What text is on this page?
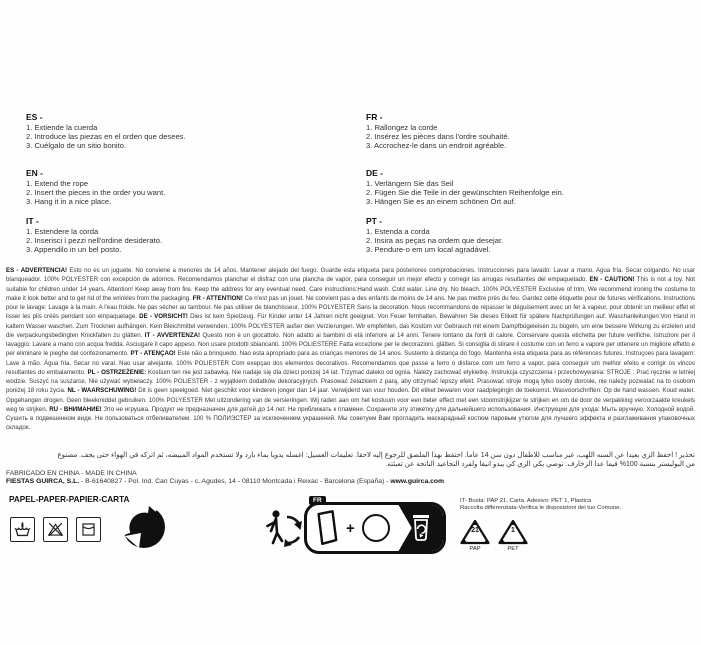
ES -
1. Extiende la cuerda
2. Introduce las piezas en el orden que desees.
3. Cuélgalo de un sitio bonito.
FR -
1. Rallongez la corde
2. Insérez les pièces dans l'ordre souhaité.
3. Accrochez-le dans un endroit agréable.
EN -
1. Extend the rope
2. Insert the pieces in the order you want.
3. Hang it in a nice place.
DE -
1. Verlängern Sie das Seil
2. Fügen Sie die Teile in der gewünschten Reihenfolge ein.
3. Hängen Sie es an einem schönen Ort auf.
IT -
1. Estendere la corda
2. Inserisci i pezzi nell'ordine desiderato.
3. Appendilo in un bel posto.
PT -
1. Estenda a corda
2. Insira as peças na ordem que desejar.
3. Pendure-o em um local agradável.
ES - ADVERTENCIA! Esto no es un juguete. No conviene a menores de 14 años. Mantener alejado del fuego. Guarde esta etiqueta para posteriores comprobaciones. Instrucciones para lavado: Lavar a mano. Agua fría. Secar colgando. No usar blanqueador. 100% POLYESTER con excepción de adornos. Recomendamos planchar el disfraz con una plancha de vapor, para conseguir un mejor efecto y corregir las arrugas resultantes del empaquetado. EN - CAUTION! This is not a toy. Not suitable for children under 14 years. Attention! Keep away from fire. Keep the address for any eventual need. Care instructions:Hand wash. Cold water. Line dry. No bleach. 100% POLYESTER Exclusive of trim. We recommend ironing the costume to make it look better and to get rid of the wrinkles from the packaging. FR - ATTENTION! Ce n'est pas un jouet. Ne convient pas a des enfants de moins de 14 ans. Ne pas mettre près du feu. Gardez cette étiquette pour de futures vérifications. Instructions pour le lavage: Lavage à la main. A l'eau froide. Ne pas sécher au tambour. Ne pas utiliser de blanchisseur. 100% POLYESTER Sans la decoration. Nous recommandons de repasser le déguisement avec un fer à vapeur, pour obtenir un meilleur effet et lisser les plis créés pendant son empaquetage. DE - VORSICHT! Dies ist kein Spielzeug. Für Kinder unter 14 Jahren nicht geeignet. Von Feuer fernhalten. Bewahren Sie dieses Etikett für spätere Nachprüfungen auf. Waschanleitungen:Von Hand in kaltem Wasser waschen. Zum Trocknen aufhängen. Kein Bleichmittel verwenden. 100% POLYESTER außer den Verzierungen. Wir empfehlen, das Kostüm vor Gebrauch mit einem Dampfbügeleisen zu bügeln, um eine bessere Wirkung zu erzielen und die verpackungsbedingten Knickfalten zu glätten. IT - AVVERTENZA! Questo non è un giocattolo. Non adatto ai bambini di età inferiore ai 14 anni. Tenere lontano da fonti di calore. Conservare questa etichetta per future verifiche. Istruzioni per il lavaggio: Lavare a mano con acqua fredda. Asciugare il capo appeso. Non usare prodotti sbiancanti. 100% POLIESTERE Fatta eccezione per le decorazioni. glätten. Si consiglia di stirare il costume con un ferro a vapore per ottenere un migliore effetto e per eliminare le pieghe del confezionamento. PT - ATENÇAO! Este não a brinquedo. Nao esta apropriado para as crianças menores de 14 anos. Sustento à distança do fogo. Mantenha esta etiqueta para as références futures. Instruçoes para lavagem: Lave à mão. Água fria. Secar no varal. Nao usar alvejante. 100% POLIESTER Com exepçao dos elementos decorativos. Recomendamos que passe a ferro o disfarce com um ferro a vapor, para conseguir um melhor efeito e corrigir os vincos resultantes do embalamento. PL - OSTRZEŻENIE: Kostium ten nie jest zabawką. Nie nadaje się dla dzieci poniżej 14 lat. Trzymać daleko od ognia. Należy zachować etykietkę. Instrukcja czyszczenia i przechowywania: STROJE : Prać ręcznie w letniej wodzie. Suszyć na suszarce, Nie używać wybielaczy. 100% POLIESTER - z wyjątkiem dodatków dekoracyjnych. Prasować żelazkiem z parą, aby otrzymać lepszy efekt. Prasować stroje mogą tylko osoby dorosłe, nie należy pozwalać na to osobom poniżej 18 roku życia. NL - WAARSCHUWING! Dit is geen speelgoed. Niet geschikt voor kinderen jonger dan 14 jaar. Verwijderd van vuur houden. Dit etiket bewaren voor raadplegingin de toekomst. Wasvoorschriften: Op de hand wassen. Koud water. Opgehangen drogen. Geen bleekmiddel gebruiken. 100% POLYESTER Met uitzondering van de versieringen. Wij raden aan om het kostuum voor een beter effect met een stoomstrijkijzer te strijken en om de door de verpakking veroorzaakte kreukels weg te strijken. RU - ВНИМАНИЕ! Это не игрушка. Продукт не предназначен для детей до 14 лет. Не приближать к пламени. Сохраните эту этикетку для дальнейшего использования. Инструкции для ухода: Мыть вручную. Холодной водой. Сушить в подвешенном виде. Не пользоваться отбеливателем. 100 % ПОЛИЭСТЕР за исключением украшений. Мы советуем Вам прогладить маскарадный костюм паровым утюгом для лучшего эффекта и разглаживания упаковочных складок.
تحذير ! احفظ الزي بعيدا عن السنه اللهب، غير مناسب للاطفال دون سن 14 عاما. احتفظ بهذا الملصق للرجوع إليه لاحقا. تعليمات الغسيل: اغسله يدويا بماء بارد ولا تستخدم المواد المبيضه، ثم اتركه في الهواء حتى يجف. مصنوع
من البوليستر بنسبة 100% فيما عدا الزخارف. نوصي بكي الزي كي يبدو انيقا ولفرد التجاعيد الناتجة عن تعبئته.
FABRICADO EN CHINA - MADE IN CHINA
FIESTAS GUIRCA, S.L. - B-61640827 - Pol. Ind. Can Cuyas - c. Agudes, 14 - 08110 Montcada i Reixac - Barcelona (España) - www.guirca.com
PAPEL-PAPER-PAPIER-CARTA	FR
+
IT- Busta: PAP 21, Carta. Adesivo: PET 1, Plastica
Raccolta differenziata-Verifica le disposizioni del tuo Comune.
21
PAP
1
PET
